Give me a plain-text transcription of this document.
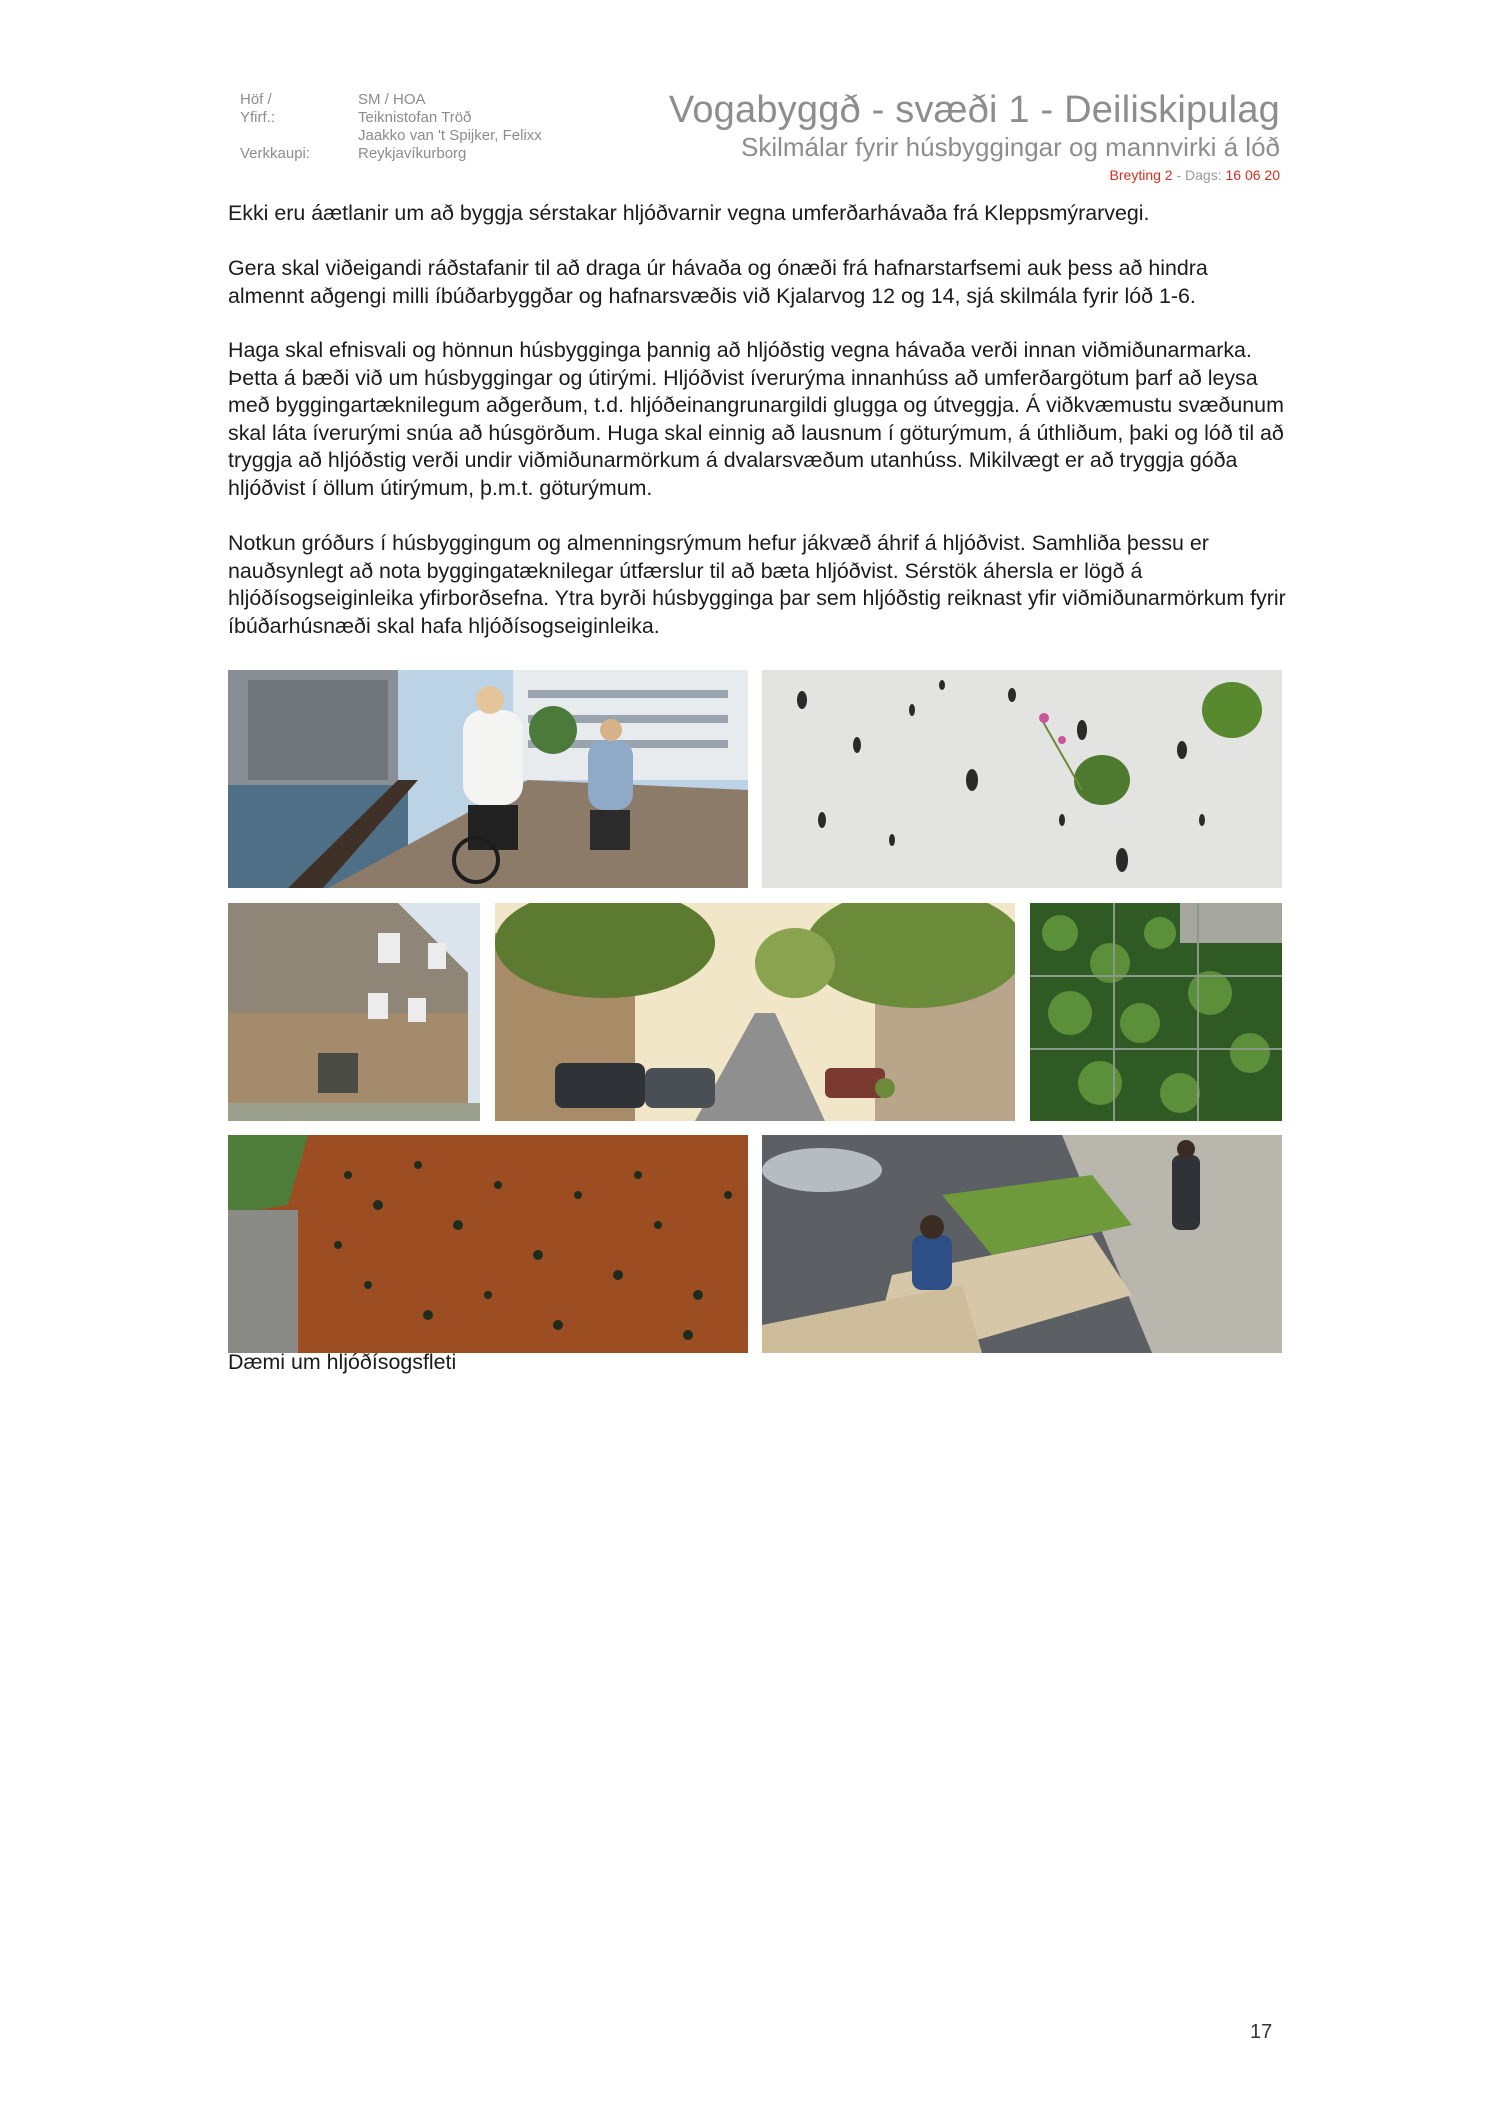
Höf / Yfirf.:
Verkkaupi:
SM / HOA
Teiknistofan Tröð
Jaakko van 't Spijker, Felixx
Reykjavíkurborg
Vogabyggð - svæði 1 - Deiliskipulag
Skilmálar fyrir húsbyggingar og mannvirki á lóð
Breyting 2 - Dags: 16 06 20

Ekki eru áætlanir um að byggja sérstakar hljóðvarnir vegna umferðarhávaða frá Kleppsmýrarvegi.

Gera skal viðeigandi ráðstafanir til að draga úr hávaða og ónæði frá hafnarstarfsemi auk þess að hindra almennt aðgengi milli íbúðarbyggðar og hafnarsvæðis við Kjalarvog 12 og 14, sjá skilmála fyrir lóð 1-6.

Haga skal efnisvali og hönnun húsbygginga þannig að hljóðstig vegna hávaða verði innan viðmiðunarmarka. Þetta á bæði við um húsbyggingar og útirými. Hljóðvist íverurýma innanhúss að umferðargötum þarf að leysa með byggingartæknilegum aðgerðum, t.d. hljóðeinangrunargildi glugga og útveggja. Á viðkvæmustu svæðunum skal láta íverurými snúa að húsgörðum. Huga skal einnig að lausnum í göturýmum, á úthliðum, þaki og lóð til að tryggja að hljóðstig verði undir viðmiðunarmörkum á dvalarsvæðum utanhúss. Mikilvægt er að tryggja góða hljóðvist í öllum útirýmum, þ.m.t. göturýmum.

Notkun gróðurs í húsbyggingum og almenningsrýmum hefur jákvæð áhrif á hljóðvist. Samhliða þessu er nauðsynlegt að nota byggingatæknilegar útfærslur til að bæta hljóðvist. Sérstök áhersla er lögð á hljóðísogseiginleika yfirborðsefna. Ytra byrði húsbygginga þar sem hljóðstig reiknast yfir viðmiðunarmörkum fyrir íbúðarhúsnæði skal hafa hljóðísogseiginleika.

Dæmi um hljóðísogsfleti
17
